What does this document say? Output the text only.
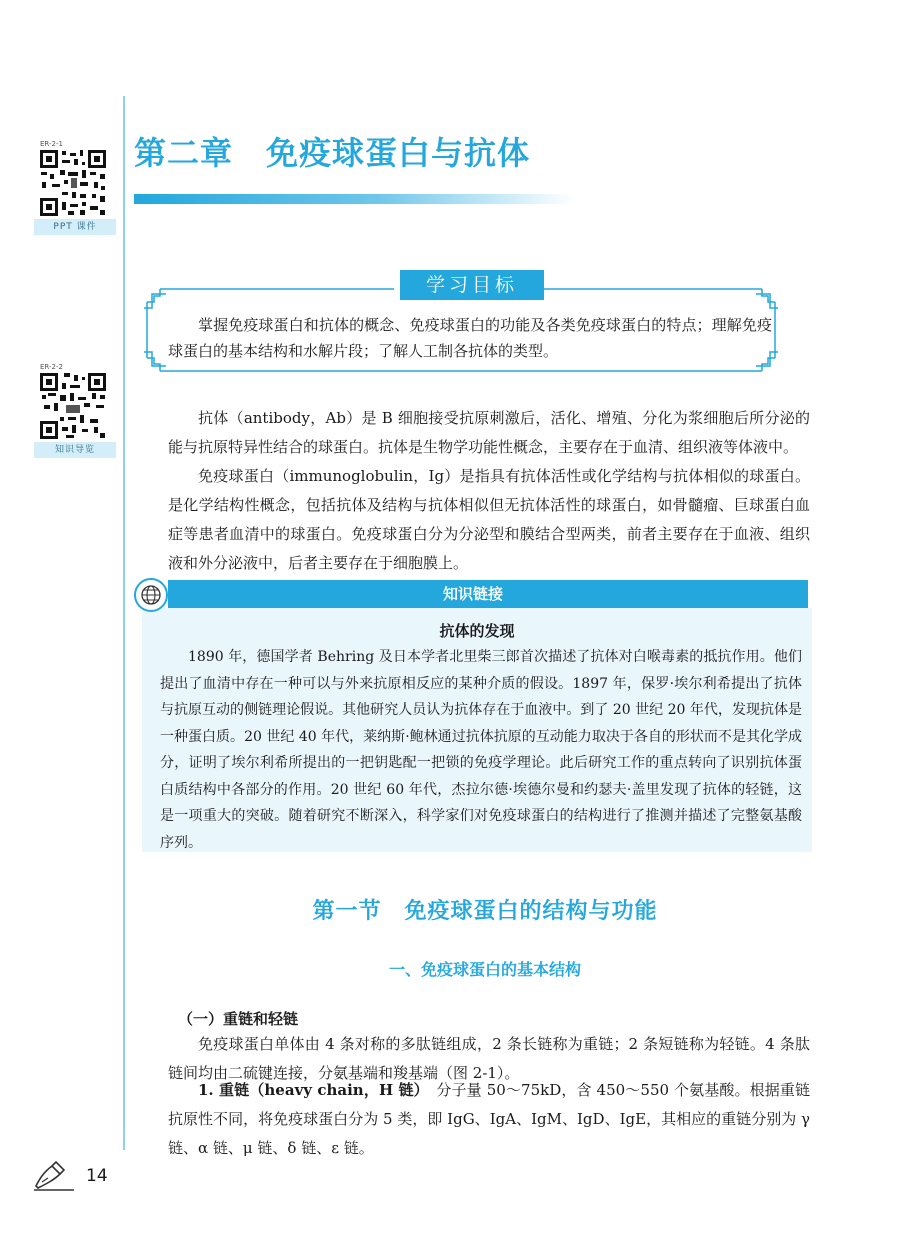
ER-2-1
PPT 课件
ER-2-2
知识导览
第二章　免疫球蛋白与抗体
学习目标
掌握免疫球蛋白和抗体的概念、免疫球蛋白的功能及各类免疫球蛋白的特点；理解免疫球蛋白的基本结构和水解片段；了解人工制各抗体的类型。
抗体（antibody，Ab）是 B 细胞接受抗原刺激后，活化、增殖、分化为浆细胞后所分泌的能与抗原特异性结合的球蛋白。抗体是生物学功能性概念，主要存在于血清、组织液等体液中。
免疫球蛋白（immunoglobulin，Ig）是指具有抗体活性或化学结构与抗体相似的球蛋白。是化学结构性概念，包括抗体及结构与抗体相似但无抗体活性的球蛋白，如骨髓瘤、巨球蛋白血症等患者血清中的球蛋白。免疫球蛋白分为分泌型和膜结合型两类，前者主要存在于血液、组织液和外分泌液中，后者主要存在于细胞膜上。
抗体的发现
1890 年，德国学者 Behring 及日本学者北里柴三郎首次描述了抗体对白喉毒素的抵抗作用。他们提出了血清中存在一种可以与外来抗原相反应的某种介质的假设。1897 年，保罗·埃尔利希提出了抗体与抗原互动的侧链理论假说。其他研究人员认为抗体存在于血液中。到了 20 世纪 20 年代，发现抗体是一种蛋白质。20 世纪 40 年代，莱纳斯·鲍林通过抗体抗原的互动能力取决于各自的形状而不是其化学成分，证明了埃尔利希所提出的一把钥匙配一把锁的免疫学理论。此后研究工作的重点转向了识别抗体蛋白质结构中各部分的作用。20 世纪 60 年代，杰拉尔德·埃德尔曼和约瑟夫·盖里发现了抗体的轻链，这是一项重大的突破。随着研究不断深入，科学家们对免疫球蛋白的结构进行了推测并描述了完整氨基酸序列。
知识链接
第一节　免疫球蛋白的结构与功能
一、免疫球蛋白的基本结构
（一）重链和轻链
免疫球蛋白单体由 4 条对称的多肽链组成，2 条长链称为重链；2 条短链称为轻链。4 条肽链间均由二硫键连接，分氨基端和羧基端（图 2-1）。
1. 重链（heavy chain，H 链）　 分子量 50～75kD，含 450～550 个氨基酸。根据重链抗原性不同，将免疫球蛋白分为 5 类，即 IgG、IgA、IgM、IgD、IgE，其相应的重链分别为 γ 链、α 链、μ 链、δ 链、ε 链。
14
